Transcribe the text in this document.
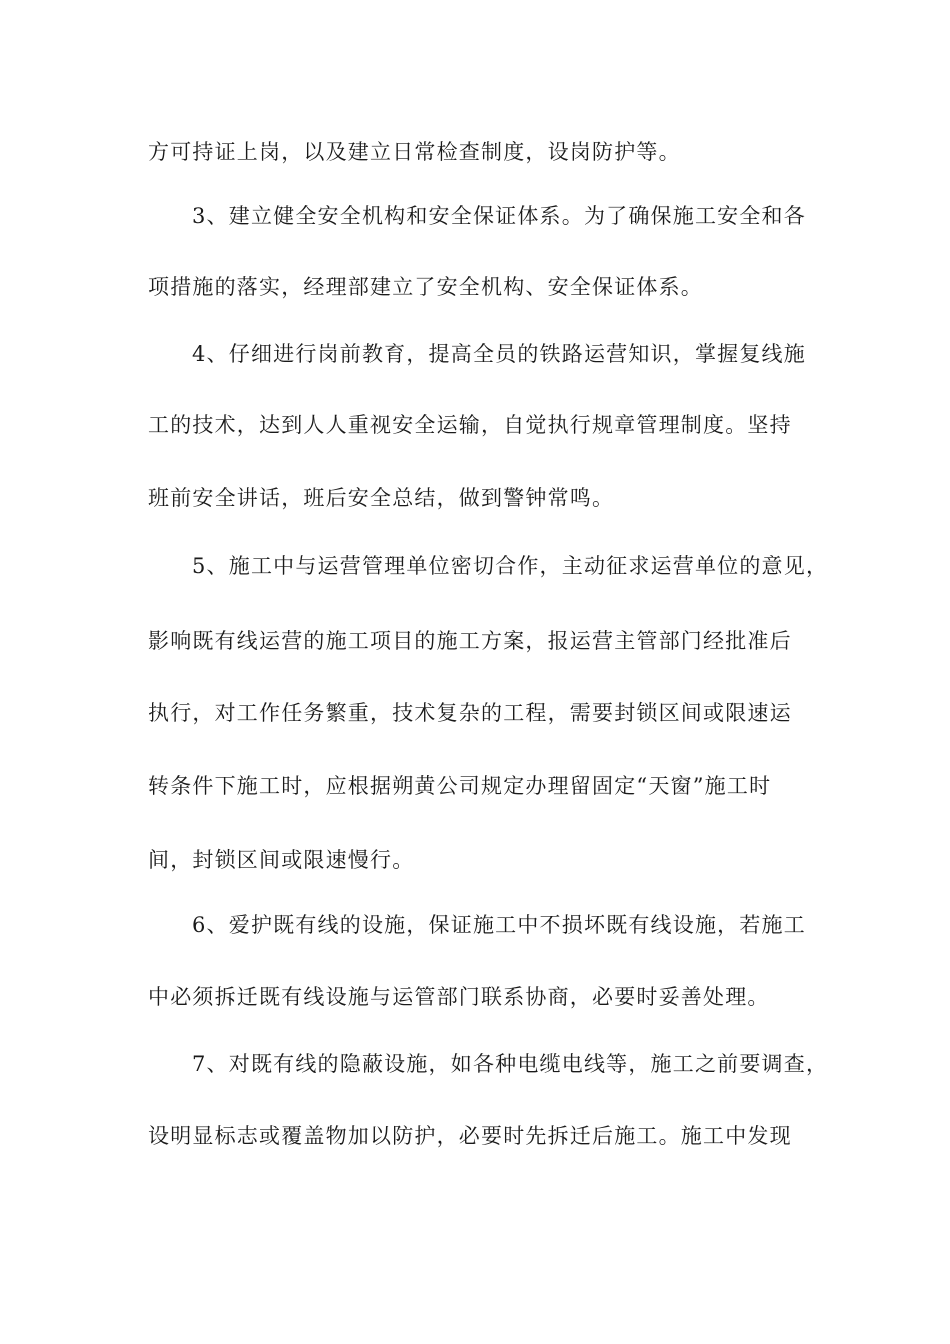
方可持证上岗，以及建立日常检查制度，设岗防护等。
3、建立健全安全机构和安全保证体系。为了确保施工安全和各
项措施的落实，经理部建立了安全机构、安全保证体系。
4、仔细进行岗前教育，提高全员的铁路运营知识，掌握复线施
工的技术，达到人人重视安全运输，自觉执行规章管理制度。坚持
班前安全讲话，班后安全总结，做到警钟常鸣。
5、施工中与运营管理单位密切合作，主动征求运营单位的意见，
影响既有线运营的施工项目的施工方案，报运营主管部门经批准后
执行，对工作任务繁重，技术复杂的工程，需要封锁区间或限速运
转条件下施工时，应根据朔黄公司规定办理留固定“天窗”施工时
间，封锁区间或限速慢行。
6、爱护既有线的设施，保证施工中不损坏既有线设施，若施工
中必须拆迁既有线设施与运管部门联系协商，必要时妥善处理。
7、对既有线的隐蔽设施，如各种电缆电线等，施工之前要调查，
设明显标志或覆盖物加以防护，必要时先拆迁后施工。施工中发现
